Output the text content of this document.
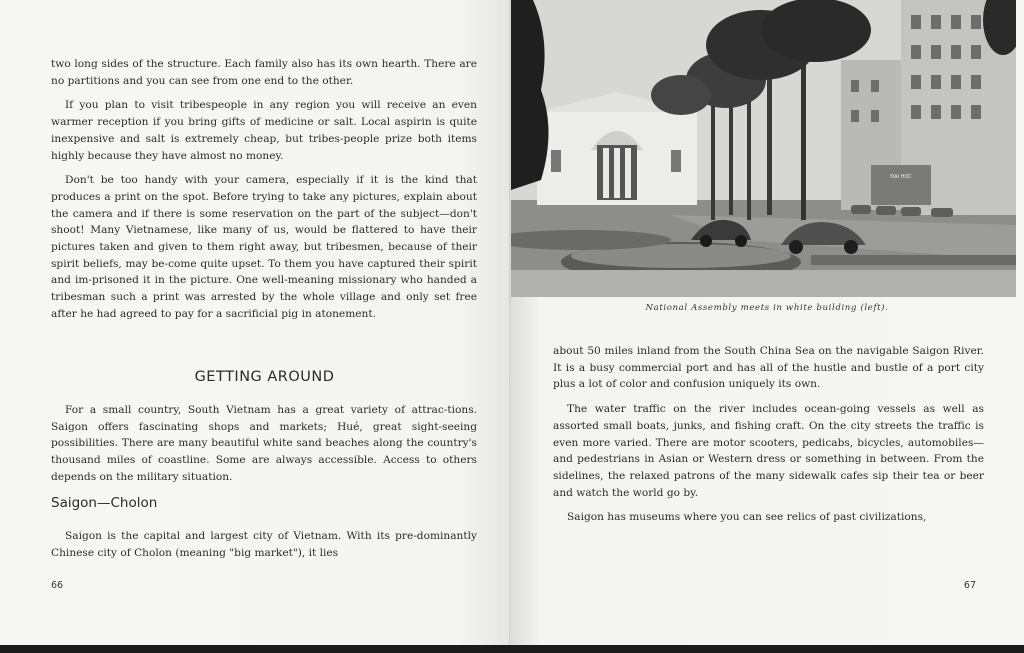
two long sides of the structure. Each family also has its own hearth. There are no partitions and you can see from one end to the other.

If you plan to visit tribespeople in any region you will receive an even warmer reception if you bring gifts of medicine or salt. Local aspirin is quite inexpensive and salt is extremely cheap, but tribes-people prize both items highly because they have almost no money.

Don't be too handy with your camera, especially if it is the kind that produces a print on the spot. Before trying to take any pictures, explain about the camera and if there is some reservation on the part of the subject—don't shoot! Many Vietnamese, like many of us, would be flattered to have their pictures taken and given to them right away, but tribesmen, because of their spirit beliefs, may be-come quite upset. To them you have captured their spirit and im-prisoned it in the picture. One well-meaning missionary who handed a tribesman such a print was arrested by the whole village and only set free after he had agreed to pay for a sacrificial pig in atonement.

GETTING AROUND

For a small country, South Vietnam has a great variety of attrac-tions. Saigon offers fascinating shops and markets; Hué, great sight-seeing possibilities. There are many beautiful white sand beaches along the country's thousand miles of coastline. Some are always accessible. Access to others depends on the military situation.

Saigon—Cholon

Saigon is the capital and largest city of Vietnam. With its pre-dominantly Chinese city of Cholon (meaning "big market"), it lies

66
ĐẠI HỌC
National Assembly meets in white building (left).

about 50 miles inland from the South China Sea on the navigable Saigon River. It is a busy commercial port and has all of the hustle and bustle of a port city plus a lot of color and confusion uniquely its own.

The water traffic on the river includes ocean-going vessels as well as assorted small boats, junks, and fishing craft. On the city streets the traffic is even more varied. There are motor scooters, pedicabs, bicycles, automobiles—and pedestrians in Asian or Western dress or something in between. From the sidelines, the relaxed patrons of the many sidewalk cafes sip their tea or beer and watch the world go by.

Saigon has museums where you can see relics of past civilizations,

67
